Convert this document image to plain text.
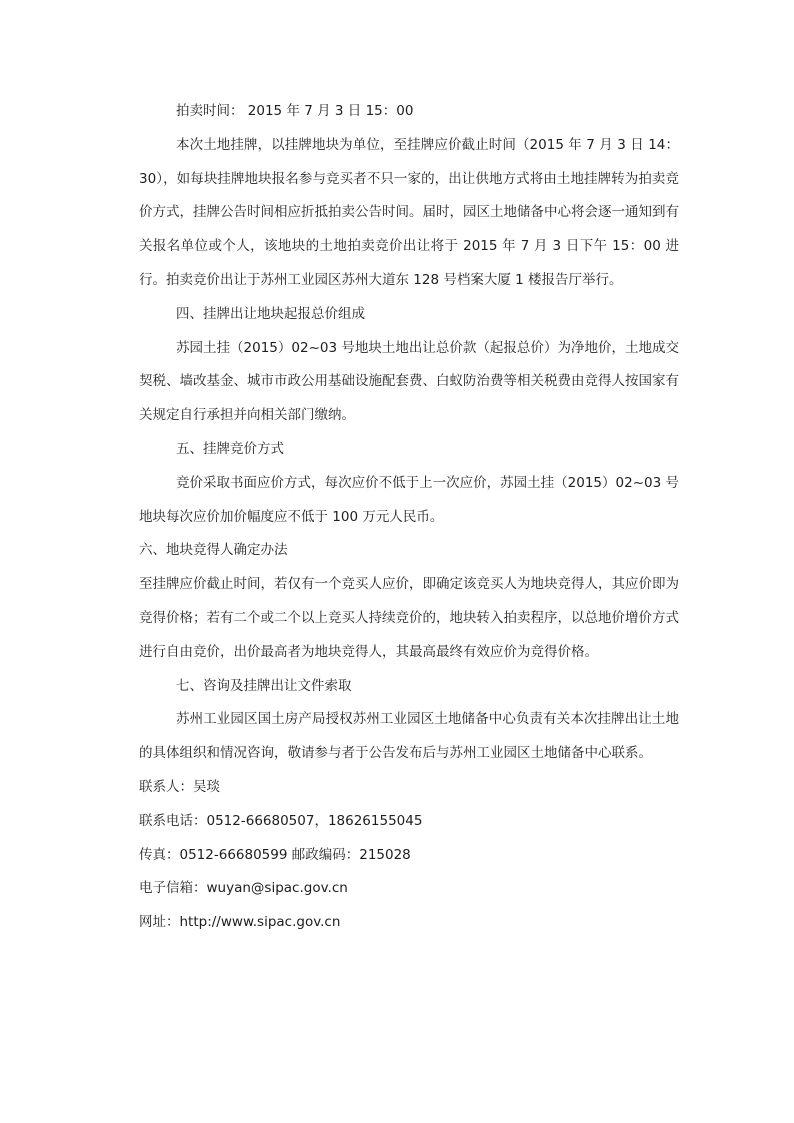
拍卖时间： 2015 年 7 月 3 日 15：00

本次土地挂牌，以挂牌地块为单位，至挂牌应价截止时间（2015 年 7 月 3 日 14：30），如每块挂牌地块报名参与竞买者不只一家的，出让供地方式将由土地挂牌转为拍卖竞价方式，挂牌公告时间相应折抵拍卖公告时间。届时，园区土地储备中心将会逐一通知到有关报名单位或个人，该地块的土地拍卖竞价出让将于 2015 年 7 月 3 日下午 15：00 进行。拍卖竞价出让于苏州工业园区苏州大道东 128 号档案大厦 1 楼报告厅举行。

四、挂牌出让地块起报总价组成

苏园土挂（2015）02~03 号地块土地出让总价款（起报总价）为净地价，土地成交契税、墙改基金、城市市政公用基础设施配套费、白蚁防治费等相关税费由竞得人按国家有关规定自行承担并向相关部门缴纳。

五、挂牌竞价方式

竞价采取书面应价方式，每次应价不低于上一次应价，苏园土挂（2015）02~03 号地块每次应价加价幅度应不低于 100 万元人民币。

六、地块竞得人确定办法

至挂牌应价截止时间，若仅有一个竞买人应价，即确定该竞买人为地块竞得人，其应价即为竞得价格；若有二个或二个以上竞买人持续竞价的，地块转入拍卖程序，以总地价增价方式进行自由竞价，出价最高者为地块竞得人，其最高最终有效应价为竞得价格。

七、咨询及挂牌出让文件索取

苏州工业园区国土房产局授权苏州工业园区土地储备中心负责有关本次挂牌出让土地的具体组织和情况咨询，敬请参与者于公告发布后与苏州工业园区土地储备中心联系。

联系人：吴琰

联系电话：0512-66680507，18626155045

传真：0512-66680599 邮政编码：215028

电子信箱：wuyan@sipac.gov.cn

网址：http://www.sipac.gov.cn
